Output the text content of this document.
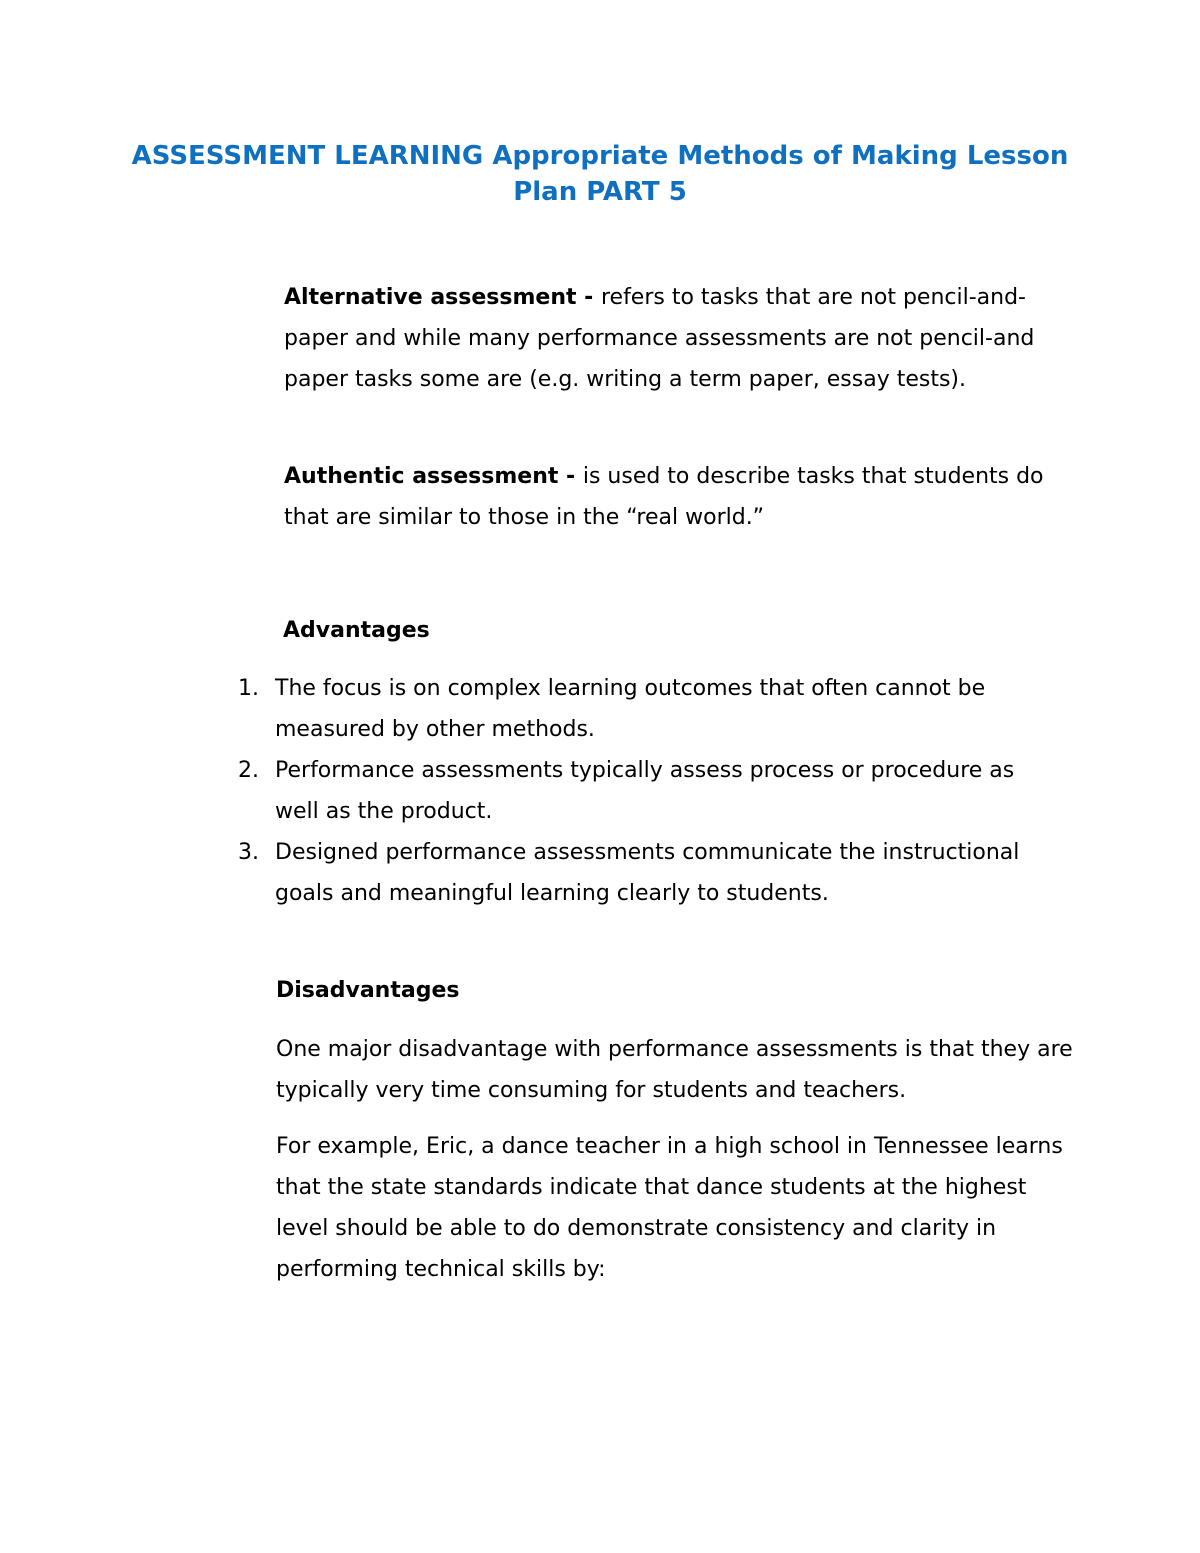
ASSESSMENT LEARNING Appropriate Methods of Making Lesson Plan PART 5

Alternative assessment - refers to tasks that are not pencil-and-paper and while many performance assessments are not pencil-and paper tasks some are (e.g. writing a term paper, essay tests).

Authentic assessment - is used to describe tasks that students do that are similar to those in the “real world.”

Advantages
1. The focus is on complex learning outcomes that often cannot be measured by other methods.
2. Performance assessments typically assess process or procedure as well as the product.
3. Designed performance assessments communicate the instructional goals and meaningful learning clearly to students.
Disadvantages

One major disadvantage with performance assessments is that they are typically very time consuming for students and teachers.

For example, Eric, a dance teacher in a high school in Tennessee learns that the state standards indicate that dance students at the highest level should be able to do demonstrate consistency and clarity in performing technical skills by:
